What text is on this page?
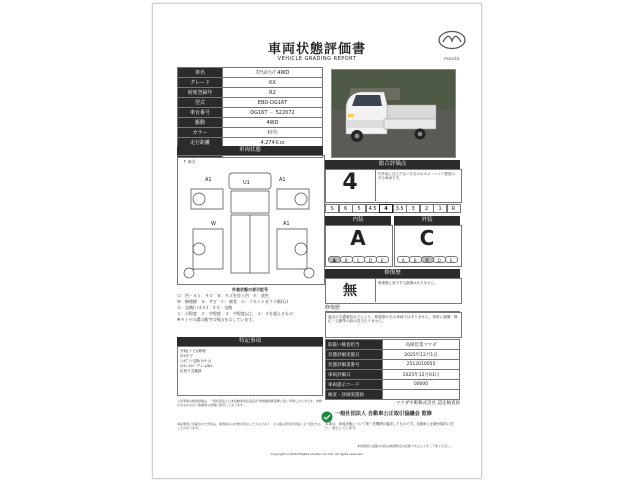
車両状態評価書
VEHICLE GRADING REPORT	mazda
車名	ｽｸﾗﾑﾄﾗｯｸ 4WD
グレード	KX
初度登録年	R2
型式	EBD-DG16T
車台番号	DG16T － 522072
駆動	4WD
カラー	ﾎﾜｲﾄ
走行距離	4,274Ｋｍ

車両状態
↑ 前方
A1	A1
U1
W	A1
外装状態の表示記号
Ｕ：凹・Ａ１：キズ　Ｂ：キズを伴う凹　Ｐ：塗色
Ｗ：修理跡　Ｓ：サビ　Ｃ：腐食　Ｇ：フロントガラス傷(石)
Ｘ：交換(パネル)　ＸＸ：交換
１：小程度　２：中程度　３：中程度以上　４：３を超えるもの
※タイヤの溝の数字は残山を示しています。
特記事項
外装(ナビ)/修理
ﾀｲﾔ/ﾋﾟﾋﾞ
ｱｯｾﾌﾞﾘｰ交換 ﾀｲﾔ 山
ｵｲﾙｼｰﾙ/ﾊﾟｰﾌﾞﾚｰﾑ/A1
足回り交換跡
上記車両の検査評価は、一般社団法人日本自動車査定協会が 修復歴判断基準に従い実施したものです。加修のおそれのない装備等の評価に使用しております。
本証明書に記載された内容は、検査時点の状態を表示したものであり、その後の使用状況等により変化することがあります。
総合評価点
4	内外装に目立たない歩きの小キズ・ヘコミ程度のある車両です。
S	6	5	4.5	4	3.5	3	2	1	R
内装	外装
A	C
A	B	C	D	E	A	B	C	D	E
修復歴
無	修復歴に該当する損傷はありません。
修復歴
過去の交通事故などにより、修復歴のある車両ではありません。骨格に損傷・修正・交換等の跡は見当たりません。
取扱い検査担当	高岡営業マツダ
状態評価実施日	2025年12月1日
状態評価書番号	2512010055
車両評価日	2025年12月01日
車両提示コード	00000
検査・評価実施員	
マツダ中販株式会社 認定検査員
一般社団法人 自動車公正取引協議会 監修
本書は、車両状態について第三者機関が確認したものです。自動車公正競争規約に従い、表示しています。
Copyright (C)2016 Mazda Chuhan Co.,Ltd. All rights reserved.
本評価書に記載の内容は検査時点の状態であることをご了承ください。
